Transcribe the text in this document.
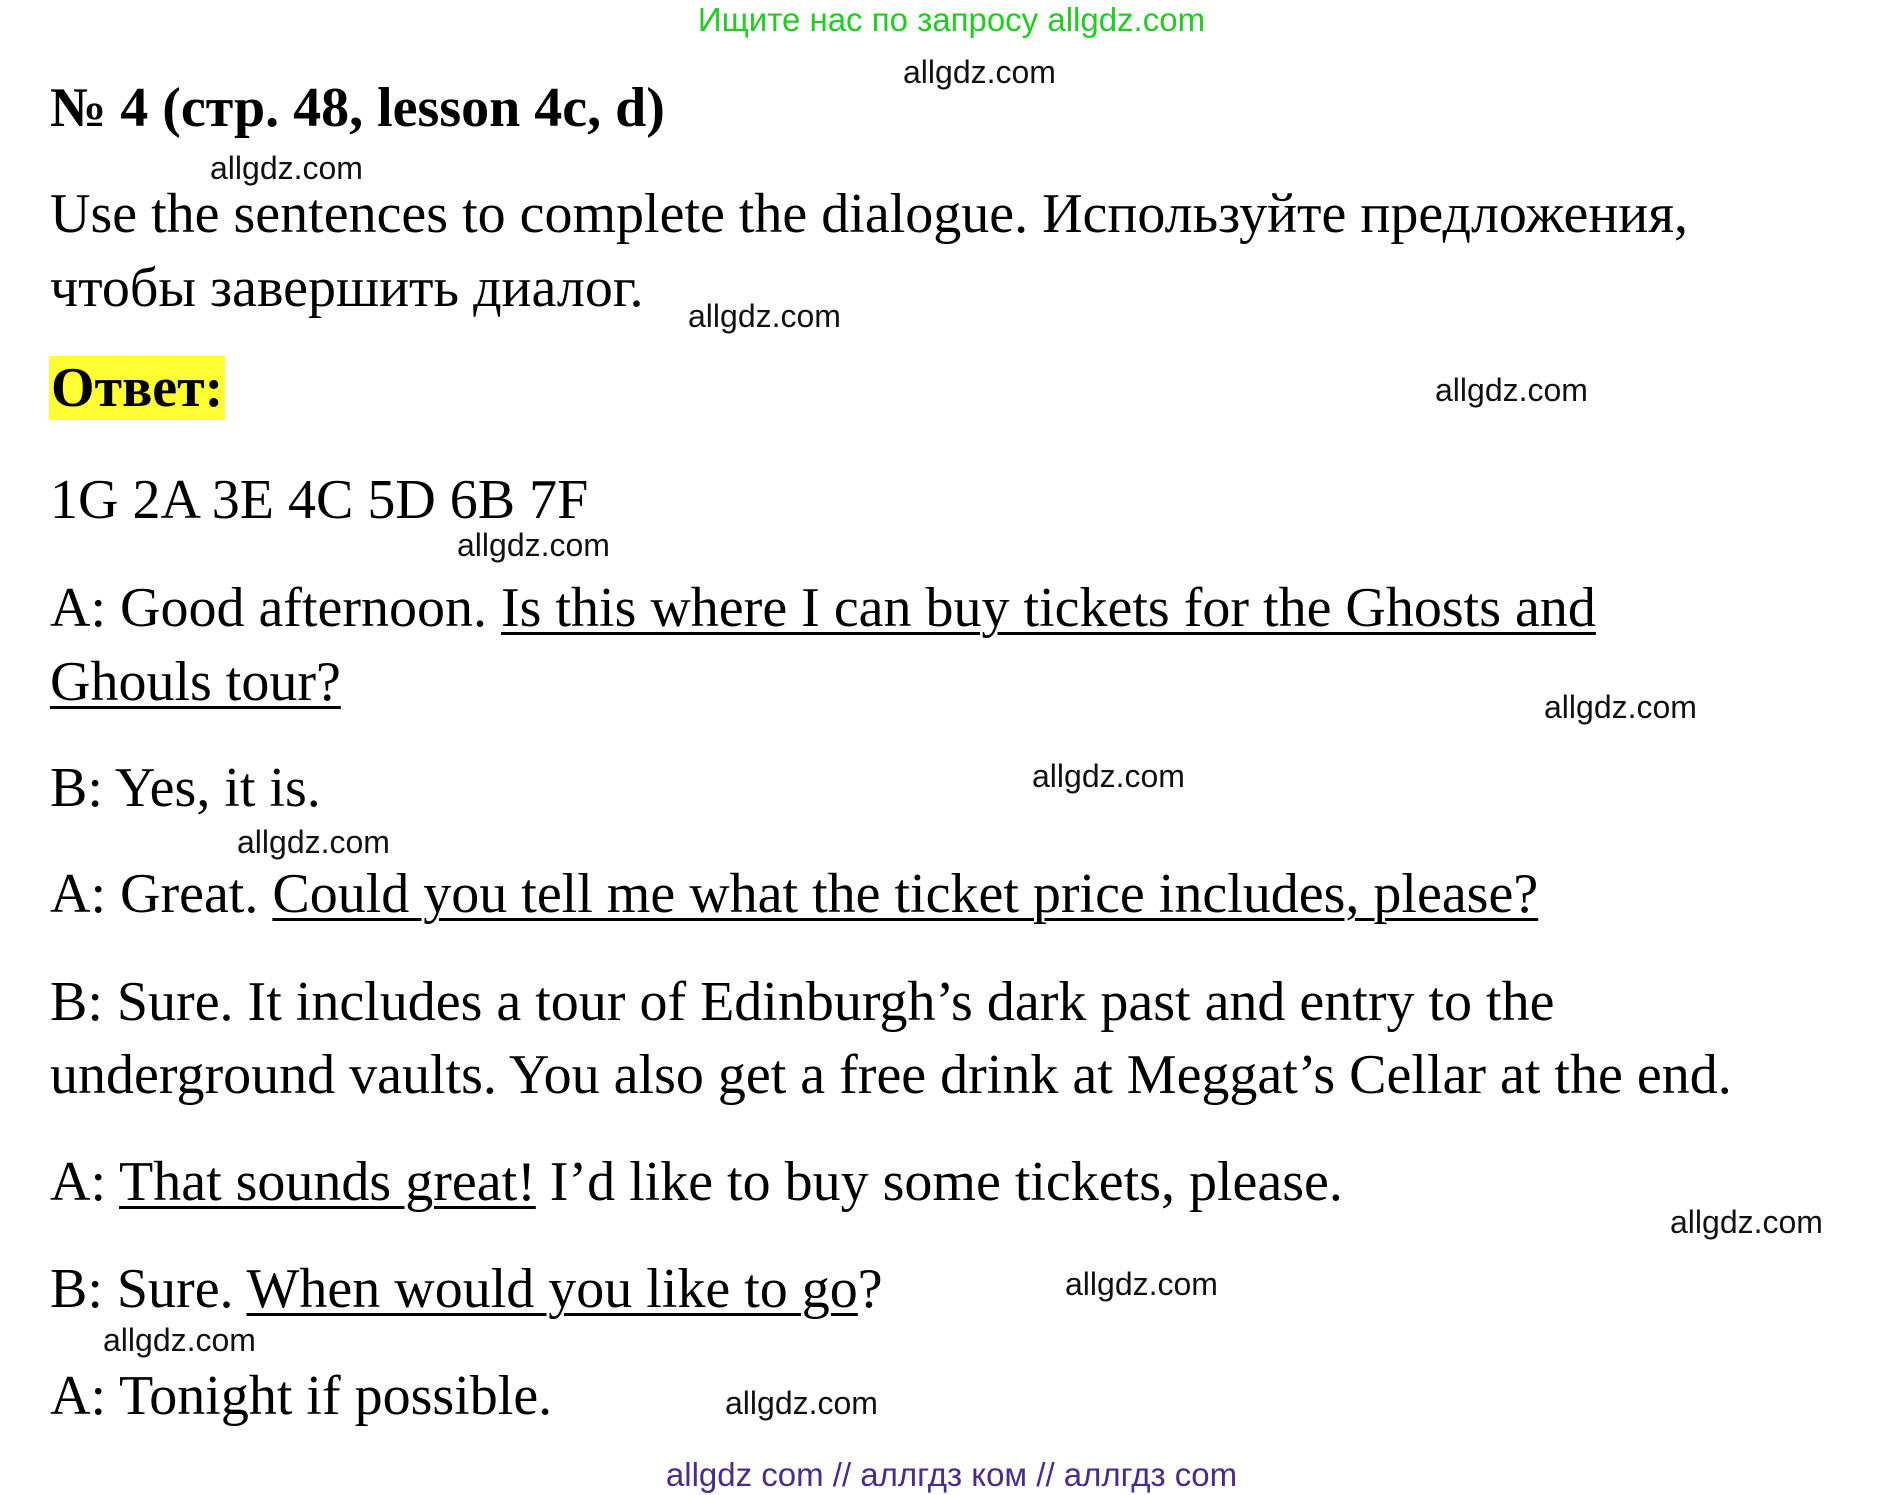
Ищите нас по запросу allgdz.com
№ 4 (стр. 48, lesson 4c, d)
Use the sentences to complete the dialogue. Используйте предложения,
чтобы завершить диалог.
Ответ:
1G 2A 3E 4C 5D 6B 7F
A: Good afternoon. Is this where I can buy tickets for the Ghosts and
Ghouls tour?
B: Yes, it is.
A: Great. Could you tell me what the ticket price includes, please?
B: Sure. It includes a tour of Edinburgh’s dark past and entry to the
underground vaults. You also get a free drink at Meggat’s Cellar at the end.
A: That sounds great! I’d like to buy some tickets, please.
B: Sure. When would you like to go?
A: Tonight if possible.
allgdz.com
allgdz.com
allgdz.com
allgdz.com
allgdz.com
allgdz.com
allgdz.com
allgdz.com
allgdz.com
allgdz.com
allgdz.com
allgdz.com
allgdz com // аллгдз ком // аллгдз com
